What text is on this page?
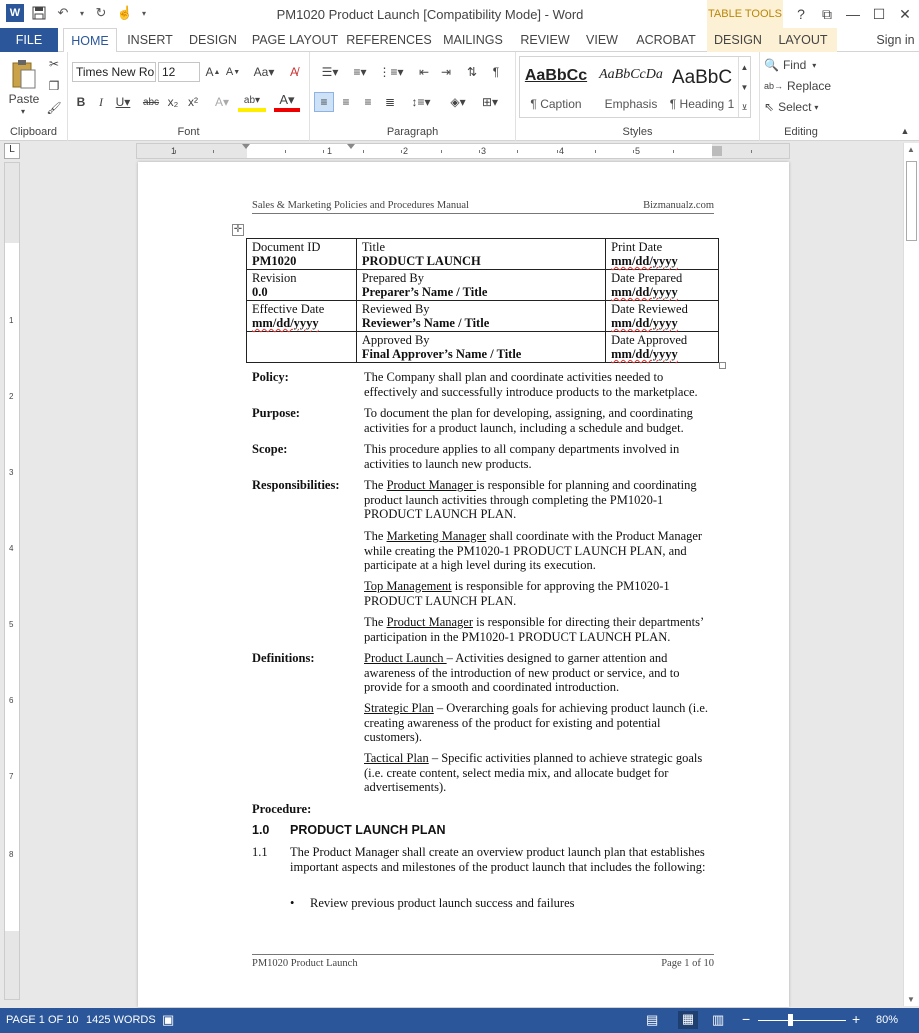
W	↶	▾ ↻ ☝ ▾	PM1020 Product Launch [Compatibility Mode] - Word	TABLE TOOLS	?	⧉	— ☐ ✕
FILE	HOME	INSERT	DESIGN	PAGE LAYOUT REFERENCES MAILINGS	REVIEW	VIEW	ACROBAT	DESIGN	LAYOUT	Sign in
Paste
▾
✂
❐
🖌
Clipboard
Times New Ro 12	A ▲ A ▼	Aa▾	A̸
B	I	U▾	abc x₂ x²	A▾	ab▾	A▾
Font
☰▾	≡▾ ⋮≡▾	⇤ ⇥	⇅	¶
≡	≡	≡	≣	↕≡▾	◈▾	⊞▾
Paragraph	Styles
AaBbCc
¶ Caption
AaBbCcDa
Emphasis
AaBbC
¶ Heading 1
▲
▼
⊻
🔍 Find ▾
ab→ Replace
⇖ Select ▾
Editing	▲
L	1	1	2	3	4	5
1
2
3
4
5
6
7
8
Sales & Marketing Policies and Procedures Manual	Bizmanualz.com
✛
Document ID
PM1020	Title
PRODUCT LAUNCH	Print Date
mm/dd/yyyy
Revision
0.0	Prepared By
Preparer’s Name / Title	Date Prepared
mm/dd/yyyy
Effective Date
mm/dd/yyyy	Reviewed By
Reviewer’s Name / Title	Date Reviewed
mm/dd/yyyy
	Approved By
Final Approver’s Name / Title	Date Approved
mm/dd/yyyy
Policy:	The Company shall plan and coordinate activities needed to effectively and successfully introduce products to the marketplace.
Purpose:	To document the plan for developing, assigning, and coordinating activities for a product launch, including a schedule and budget.
Scope:	This procedure applies to all company departments involved in activities to launch new products.
Responsibilities:	The Product Manager is responsible for planning and coordinating product launch activities through completing the PM1020-1 PRODUCT LAUNCH PLAN.
The Marketing Manager shall coordinate with the Product Manager while creating the PM1020-1 PRODUCT LAUNCH PLAN, and participate at a high level during its execution.
Top Management is responsible for approving the PM1020-1 PRODUCT LAUNCH PLAN.
The Product Manager is responsible for directing their departments’ participation in the PM1020-1 PRODUCT LAUNCH PLAN.
Definitions:	Product Launch – Activities designed to garner attention and awareness of the introduction of new product or service, and to provide for a smooth and coordinated introduction.
Strategic Plan – Overarching goals for achieving product launch (i.e. creating awareness of the product for existing and potential customers).
Tactical Plan – Specific activities planned to achieve strategic goals (i.e. create content, select media mix, and allocate budget for advertisements).
Procedure:
1.0 PRODUCT LAUNCH PLAN
1.1 The Product Manager shall create an overview product launch plan that establishes important aspects and milestones of the product launch that includes the following:
• Review previous product launch success and failures
PM1020 Product Launch	Page 1 of 10
▲
▼
PAGE 1 OF 10 1425 WORDS ▣	▤ ▦ ▥ −	+ 80%
